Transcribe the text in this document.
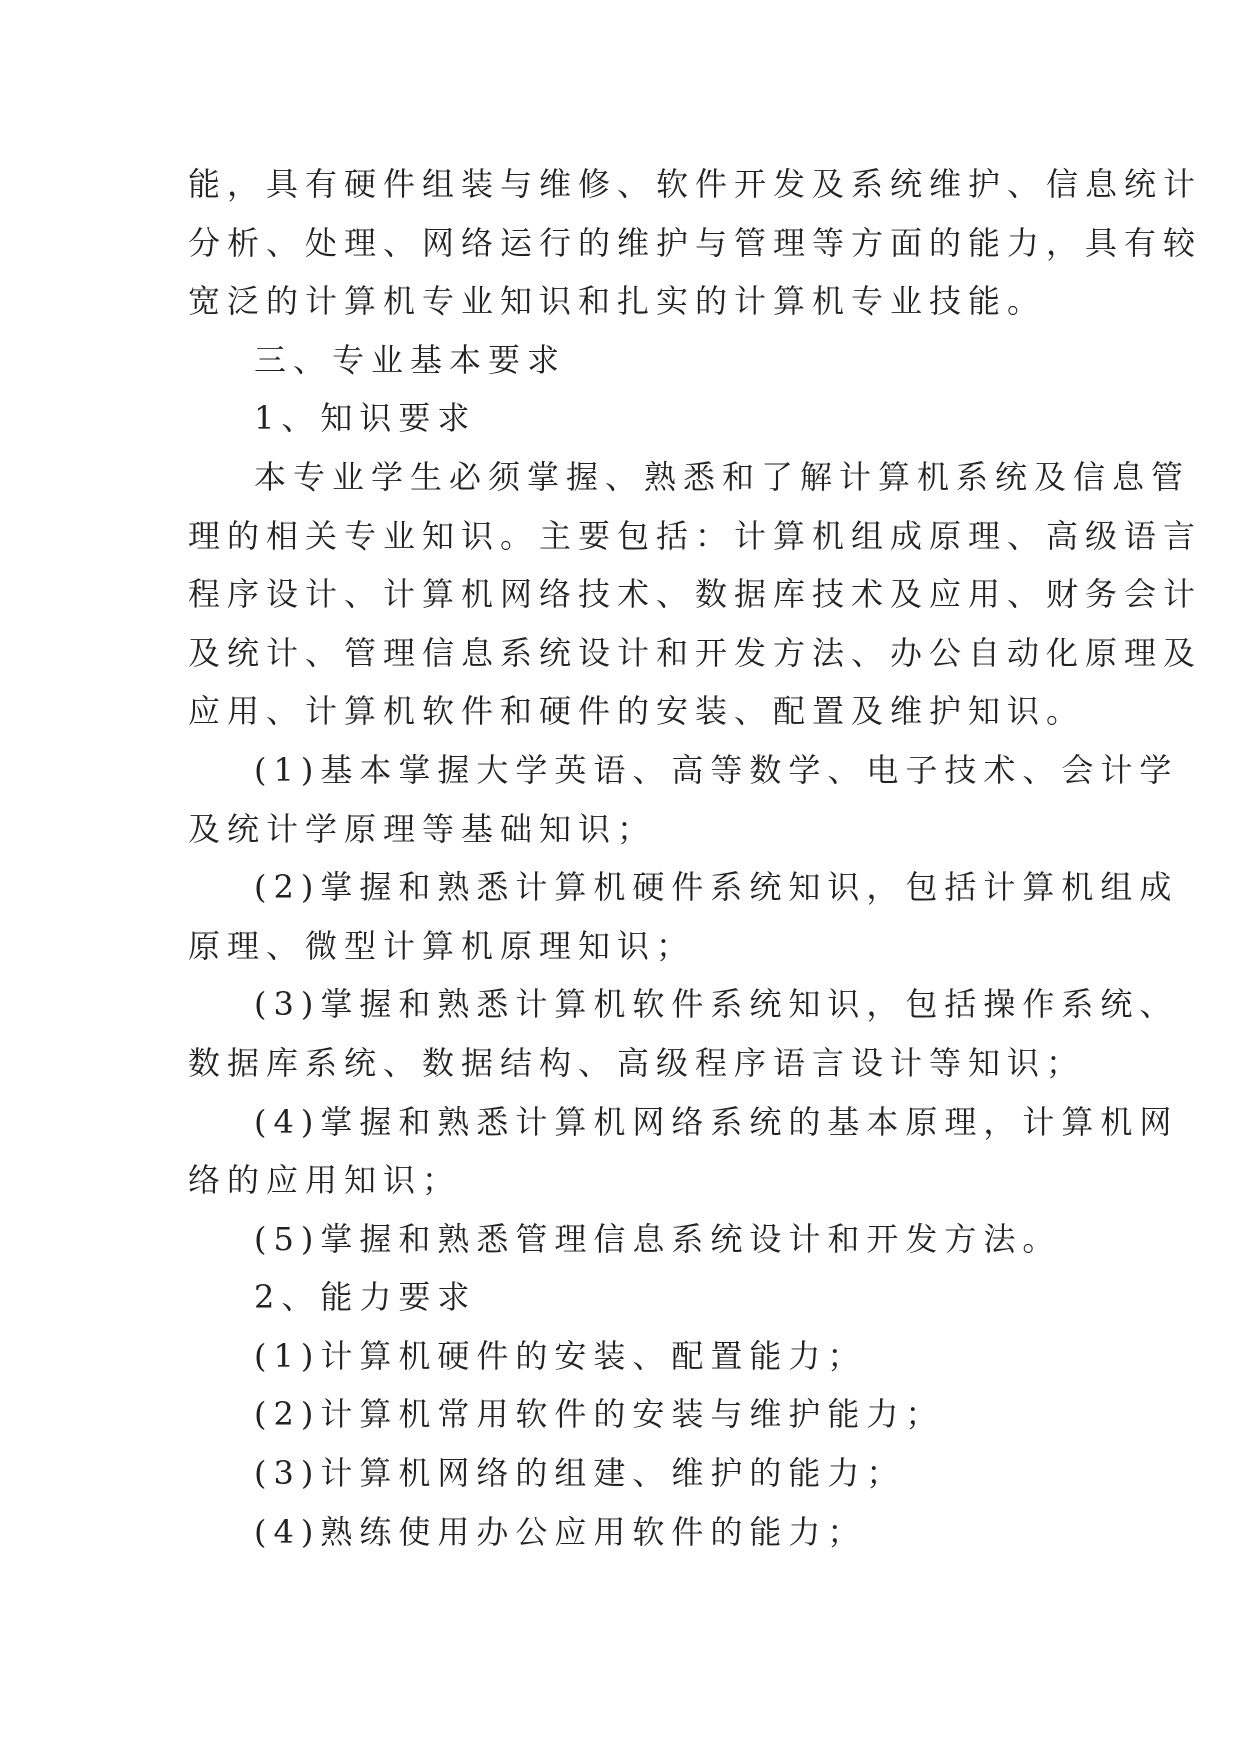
能，具有硬件组装与维修、软件开发及系统维护、信息统计
分析、处理、网络运行的维护与管理等方面的能力，具有较
宽泛的计算机专业知识和扎实的计算机专业技能。
三、专业基本要求
1、知识要求
本专业学生必须掌握、熟悉和了解计算机系统及信息管
理的相关专业知识。主要包括：计算机组成原理、高级语言
程序设计、计算机网络技术、数据库技术及应用、财务会计
及统计、管理信息系统设计和开发方法、办公自动化原理及
应用、计算机软件和硬件的安装、配置及维护知识。
(1)基本掌握大学英语、高等数学、电子技术、会计学
及统计学原理等基础知识；
(2)掌握和熟悉计算机硬件系统知识，包括计算机组成
原理、微型计算机原理知识；
(3)掌握和熟悉计算机软件系统知识，包括操作系统、
数据库系统、数据结构、高级程序语言设计等知识；
(4)掌握和熟悉计算机网络系统的基本原理，计算机网
络的应用知识；
(5)掌握和熟悉管理信息系统设计和开发方法。
2、能力要求
(1)计算机硬件的安装、配置能力；
(2)计算机常用软件的安装与维护能力；
(3)计算机网络的组建、维护的能力；
(4)熟练使用办公应用软件的能力；
